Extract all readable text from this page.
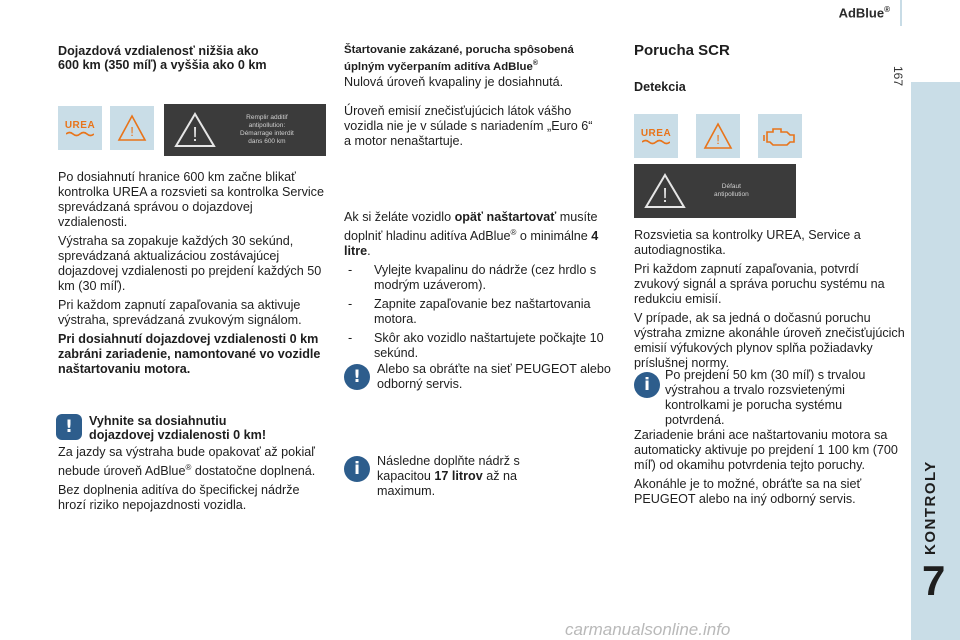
AdBlue®
167
KONTROLY
7
Dojazdová vzdialenosť nižšia ako
600 km (350 míľ) a vyššia ako 0 km
UREA	!	!
Remplir additif
antipollution:
Démarrage interdit
dans 600 km

Po dosiahnutí hranice 600 km začne blikať kontrolka UREA a rozsvieti sa kontrolka Service sprevádzaná správou o dojazdovej vzdialenosti.

Výstraha sa zopakuje každých 30 sekúnd, sprevádzaná aktualizáciou zostávajúcej dojazdovej vzdialenosti po prejdení každých 50 km (30 míľ).

Pri každom zapnutí zapaľovania sa aktivuje výstraha, sprevádzaná zvukovým signálom.

Pri dosiahnutí dojazdovej vzdialenosti 0 km zabráni zariadenie, namontované vo vozidle naštartovaniu motora.

!	Vyhnite sa dosiahnutiu
dojazdovej vzdialenosti 0 km!

Za jazdy sa výstraha bude opakovať až pokiaľ nebude úroveň AdBlue® dostatočne doplnená.

Bez doplnenia aditíva do špecifickej nádrže hrozí riziko nepojazdnosti vozidla.

Štartovanie zakázané, porucha spôsobená
úplným vyčerpaním aditíva AdBlue®

Nulová úroveň kvapaliny je dosiahnutá.

Úroveň emisií znečisťujúcich látok vášho vozidla nie je v súlade s nariadením „Euro 6“ a motor nenaštartuje.

Ak si želáte vozidlo opäť naštartovať musíte doplniť hladinu aditíva AdBlue® o minimálne 4 litre.

- Vylejte kvapalinu do nádrže (cez hrdlo s modrým uzáverom).
- Zapnite zapaľovanie bez naštartovania motora.
- Skôr ako vozidlo naštartujete počkajte 10 sekúnd.
!	Alebo sa obráťte na sieť PEUGEOT alebo odborný servis.
i	Následne doplňte nádrž s kapacitou 17 litrov až na maximum.
Porucha SCR
Detekcia
UREA	!
!	Défaut
antipollution

Rozsvietia sa kontrolky UREA, Service a autodiagnostika.

Pri každom zapnutí zapaľovania, potvrdí zvukový signál a správa poruchu systému na redukciu emisií.

V prípade, ak sa jedná o dočasnú poruchu výstraha zmizne akonáhle úroveň znečisťujúcich emisií výfukových plynov splňa požiadavky príslušnej normy.

i	Po prejdení 50 km (30 míľ) s trvalou výstrahou a trvalo rozsvietenými kontrolkami je porucha systému potvrdená.

Zariadenie bráni ace naštartovaniu motora sa automaticky aktivuje po prejdení 1 100 km (700 míľ) od okamihu potvrdenia tejto poruchy.

Akonáhle je to možné, obráťte sa na sieť PEUGEOT alebo na iný odborný servis.

carmanualsonline.info
